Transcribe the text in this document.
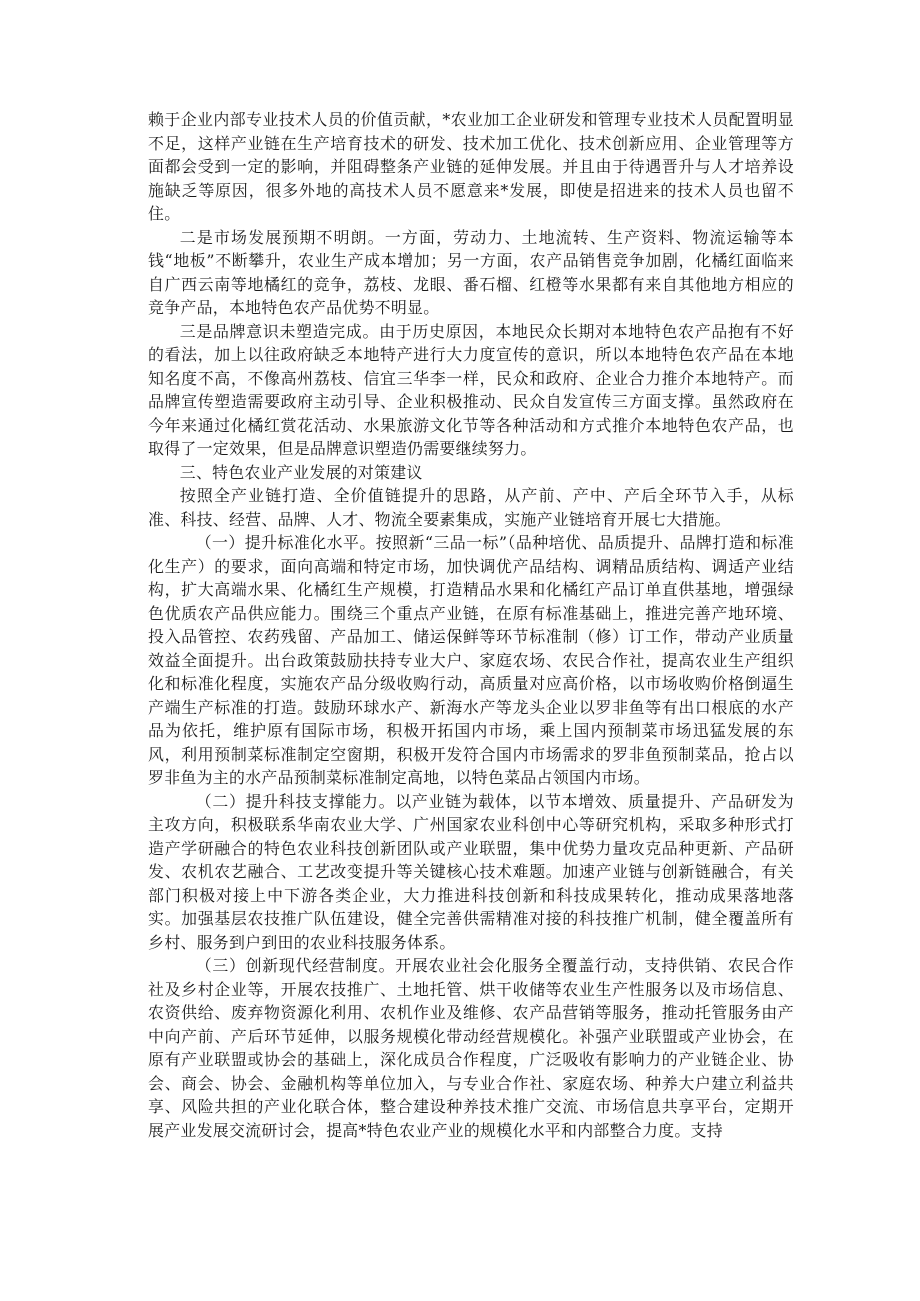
赖于企业内部专业技术人员的价值贡献，*农业加工企业研发和管理专业技术人员配置明显不足，这样产业链在生产培育技术的研发、技术加工优化、技术创新应用、企业管理等方面都会受到一定的影响，并阻碍整条产业链的延伸发展。并且由于待遇晋升与人才培养设施缺乏等原因，很多外地的高技术人员不愿意来*发展，即使是招进来的技术人员也留不住。

二是市场发展预期不明朗。一方面，劳动力、土地流转、生产资料、物流运输等本钱“地板”不断攀升，农业生产成本增加；另一方面，农产品销售竞争加剧，化橘红面临来自广西云南等地橘红的竞争，荔枝、龙眼、番石榴、红橙等水果都有来自其他地方相应的竞争产品，本地特色农产品优势不明显。

三是品牌意识未塑造完成。由于历史原因，本地民众长期对本地特色农产品抱有不好的看法，加上以往政府缺乏本地特产进行大力度宣传的意识，所以本地特色农产品在本地知名度不高，不像高州荔枝、信宜三华李一样，民众和政府、企业合力推介本地特产。而品牌宣传塑造需要政府主动引导、企业积极推动、民众自发宣传三方面支撑。虽然政府在今年来通过化橘红赏花活动、水果旅游文化节等各种活动和方式推介本地特色农产品，也取得了一定效果，但是品牌意识塑造仍需要继续努力。

三、特色农业产业发展的对策建议

按照全产业链打造、全价值链提升的思路，从产前、产中、产后全环节入手，从标准、科技、经营、品牌、人才、物流全要素集成，实施产业链培育开展七大措施。

（一）提升标准化水平。按照新“三品一标”（品种培优、品质提升、品牌打造和标准化生产）的要求，面向高端和特定市场，加快调优产品结构、调精品质结构、调适产业结构，扩大高端水果、化橘红生产规模，打造精品水果和化橘红产品订单直供基地，增强绿色优质农产品供应能力。围绕三个重点产业链，在原有标准基础上，推进完善产地环境、投入品管控、农药残留、产品加工、储运保鲜等环节标准制（修）订工作，带动产业质量效益全面提升。出台政策鼓励扶持专业大户、家庭农场、农民合作社，提高农业生产组织化和标准化程度，实施农产品分级收购行动，高质量对应高价格，以市场收购价格倒逼生产端生产标准的打造。鼓励环球水产、新海水产等龙头企业以罗非鱼等有出口根底的水产品为依托，维护原有国际市场，积极开拓国内市场，乘上国内预制菜市场迅猛发展的东风，利用预制菜标准制定空窗期，积极开发符合国内市场需求的罗非鱼预制菜品，抢占以罗非鱼为主的水产品预制菜标准制定高地，以特色菜品占领国内市场。

（二）提升科技支撑能力。以产业链为载体，以节本增效、质量提升、产品研发为主攻方向，积极联系华南农业大学、广州国家农业科创中心等研究机构，采取多种形式打造产学研融合的特色农业科技创新团队或产业联盟，集中优势力量攻克品种更新、产品研发、农机农艺融合、工艺改变提升等关键核心技术难题。加速产业链与创新链融合，有关部门积极对接上中下游各类企业，大力推进科技创新和科技成果转化，推动成果落地落实。加强基层农技推广队伍建设，健全完善供需精准对接的科技推广机制，健全覆盖所有乡村、服务到户到田的农业科技服务体系。

（三）创新现代经营制度。开展农业社会化服务全覆盖行动，支持供销、农民合作社及乡村企业等，开展农技推广、土地托管、烘干收储等农业生产性服务以及市场信息、农资供给、废弃物资源化利用、农机作业及维修、农产品营销等服务，推动托管服务由产中向产前、产后环节延伸，以服务规模化带动经营规模化。补强产业联盟或产业协会，在原有产业联盟或协会的基础上，深化成员合作程度，广泛吸收有影响力的产业链企业、协会、商会、协会、金融机构等单位加入，与专业合作社、家庭农场、种养大户建立利益共享、风险共担的产业化联合体，整合建设种养技术推广交流、市场信息共享平台，定期开展产业发展交流研讨会，提高*特色农业产业的规模化水平和内部整合力度。支持
